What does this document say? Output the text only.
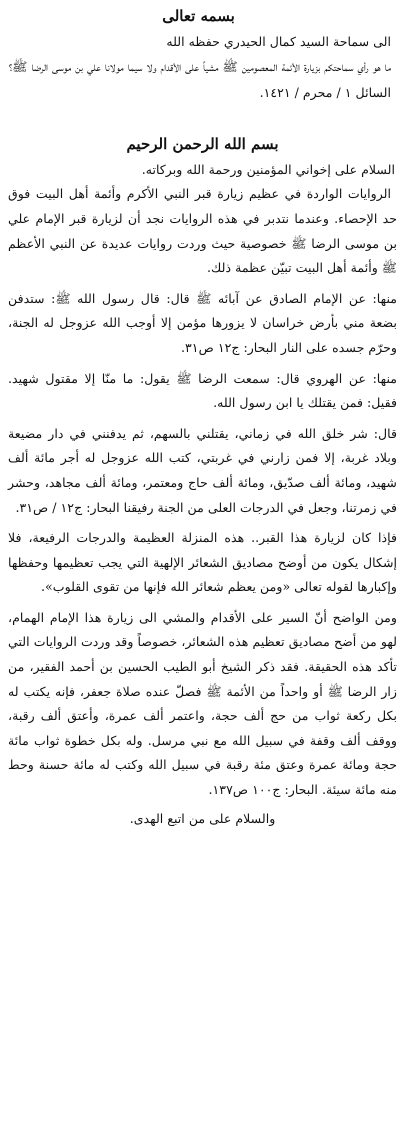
بسمه تعالى

الى سماحة السيد كمال الحيدري حفظه الله

ما هو رأي سماحتكم بزيارة الأئمة المعصومين ﷺ مشياً على الأقدام ولا سيما مولانا علي بن موسى الرضا ﷺ؟

السائل ١ / محرم / ١٤٢١.

بسم الله الرحمن الرحيم

السلام على إخواني المؤمنين ورحمة الله وبركاته.

الروايات الواردة في عظيم زيارة قبر النبي الأكرم وأئمة أهل البيت فوق حد الإحصاء. وعندما نتدبر في هذه الروايات نجد أن لزيارة قبر الإمام علي بن موسى الرضا ﷺ خصوصية حيث وردت روايات عديدة عن النبي الأعظم ﷺ وأئمة أهل البيت تبيّن عظمة ذلك.

منها: عن الإمام الصادق عن آبائه ﷺ قال: قال رسول الله ﷺ: ستدفن بضعة مني بأرض خراسان لا يزورها مؤمن إلا أوجب الله عزوجل له الجنة، وحرّم جسده على النار البحار: ج١٢ ص٣١.

منها: عن الهروي قال: سمعت الرضا ﷺ يقول: ما منّا إلا مقتول شهيد. فقيل: فمن يقتلك يا ابن رسول الله.

قال: شر خلق الله في زماني، يقتلني بالسهم، ثم يدفنني في دار مضيعة وبلاد غربة، إلا فمن زارني في غربتي، كتب الله عزوجل له أجر مائة ألف شهيد، ومائة ألف صدّيق، ومائة ألف حاج ومعتمر، ومائة ألف مجاهد، وحشر في زمرتنا، وجعل في الدرجات العلى من الجنة رفيقنا البحار: ج١٢ / ص٣١.

فإذا كان لزيارة هذا القبر.. هذه المنزلة العظيمة والدرجات الرفيعة، فلا إشكال يكون من أوضح مصاديق الشعائر الإلهية التي يجب تعظيمها وحفظها وإكبارها لقوله تعالى «ومن يعظم شعائر الله فإنها من تقوى القلوب».

ومن الواضح أنّ السير على الأقدام والمشي الى زيارة هذا الإمام الهمام، لهو من أضح مصاديق تعظيم هذه الشعائر، خصوصاً وقد وردت الروايات التي تأكد هذه الحقيقة. فقد ذكر الشيخ أبو الطيب الحسين بن أحمد الفقير، من زار الرضا ﷺ أو واحداً من الأئمة ﷺ فصلّ عنده صلاة جعفر، فإنه يكتب له بكل ركعة ثواب من حج ألف حجة، واعتمر ألف عمرة، وأعتق ألف رقبة، ووقف ألف وقفة في سبيل الله مع نبي مرسل. وله بكل خطوة ثواب مائة حجة ومائة عمرة وعتق مئة رقبة في سبيل الله وكتب له مائة حسنة وحط منه مائة سيئة. البحار: ج١٠٠ ص١٣٧.

والسلام على من اتبع الهدى.
